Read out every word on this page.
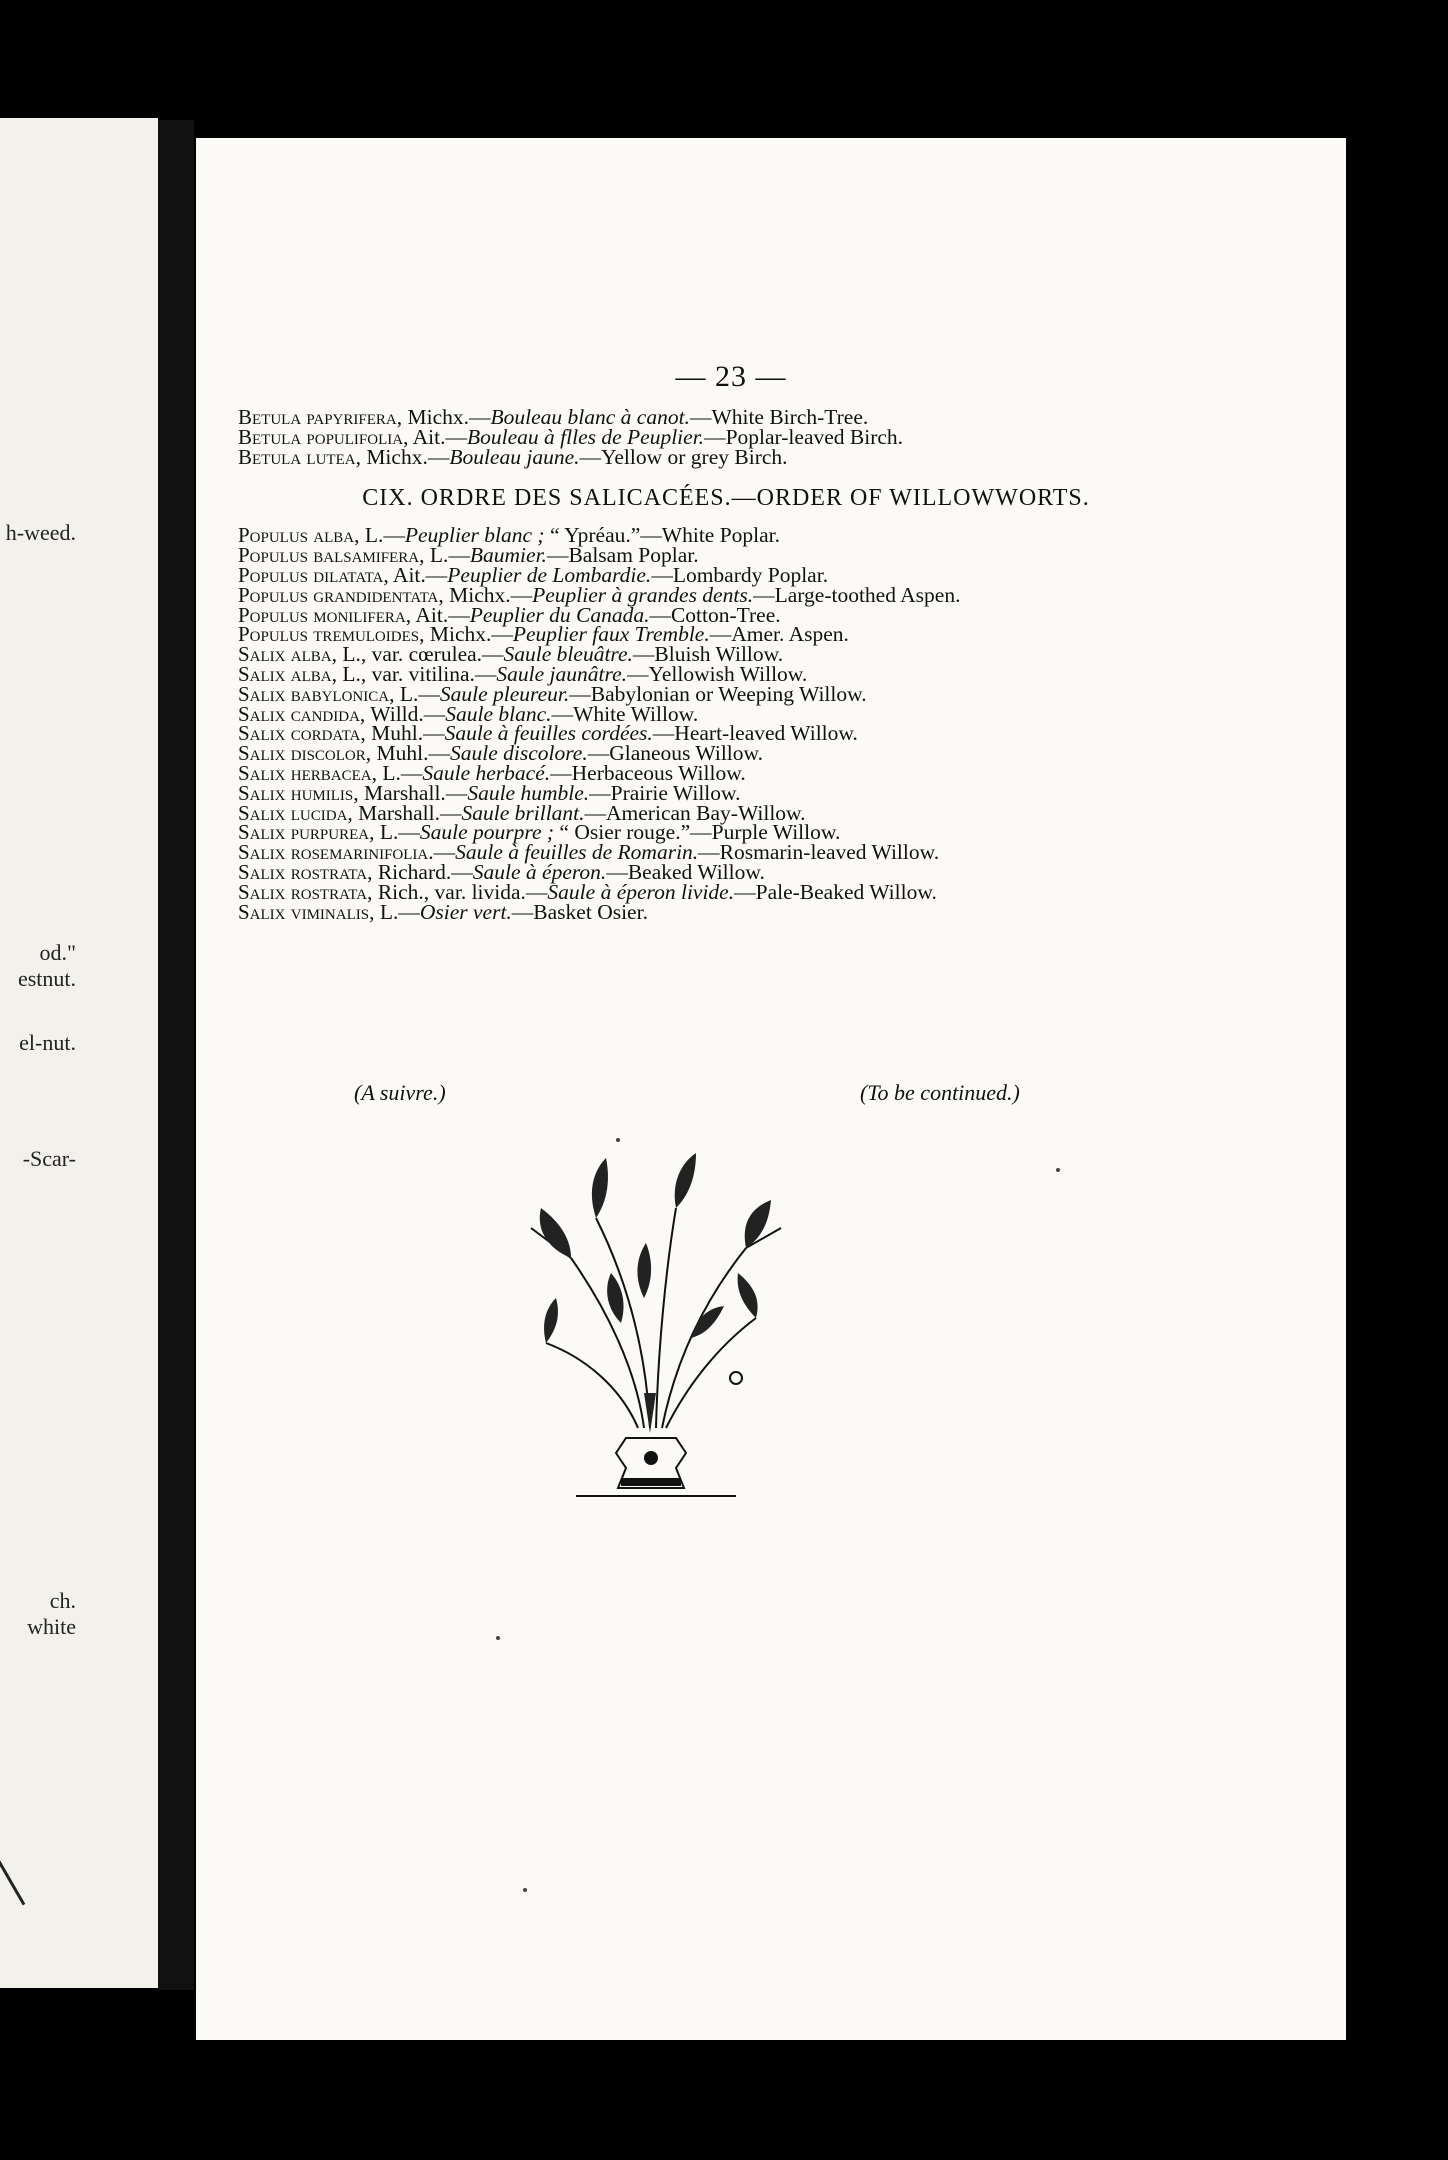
h-weed.
od."
estnut.
el-nut.
-Scar-
ch.
white
— 23 —
Betula papyrifera, Michx.—Bouleau blanc à canot.—White Birch-Tree.
Betula populifolia, Ait.—Bouleau à flles de Peuplier.—Poplar-leaved Birch.
Betula lutea, Michx.—Bouleau jaune.—Yellow or grey Birch.
CIX. ORDRE DES SALICACÉES.—ORDER OF WILLOWWORTS.
Populus alba, L.—Peuplier blanc ; “ Ypréau.”—White Poplar.
Populus balsamifera, L.—Baumier.—Balsam Poplar.
Populus dilatata, Ait.—Peuplier de Lombardie.—Lombardy Poplar.
Populus grandidentata, Michx.—Peuplier à grandes dents.—Large-toothed Aspen.
Populus monilifera, Ait.—Peuplier du Canada.—Cotton-Tree.
Populus tremuloides, Michx.—Peuplier faux Tremble.—Amer. Aspen.
Salix alba, L., var. cœrulea.—Saule bleuâtre.—Bluish Willow.
Salix alba, L., var. vitilina.—Saule jaunâtre.—Yellowish Willow.
Salix babylonica, L.—Saule pleureur.—Babylonian or Weeping Willow.
Salix candida, Willd.—Saule blanc.—White Willow.
Salix cordata, Muhl.—Saule à feuilles cordées.—Heart-leaved Willow.
Salix discolor, Muhl.—Saule discolore.—Glaneous Willow.
Salix herbacea, L.—Saule herbacé.—Herbaceous Willow.
Salix humilis, Marshall.—Saule humble.—Prairie Willow.
Salix lucida, Marshall.—Saule brillant.—American Bay-Willow.
Salix purpurea, L.—Saule pourpre ; “ Osier rouge.”—Purple Willow.
Salix rosemarinifolia.—Saule à feuilles de Romarin.—Rosmarin-leaved Willow.
Salix rostrata, Richard.—Saule à éperon.—Beaked Willow.
Salix rostrata, Rich., var. livida.—Saule à éperon livide.—Pale-Beaked Willow.
Salix viminalis, L.—Osier vert.—Basket Osier.
(A suivre.)	(To be continued.)
